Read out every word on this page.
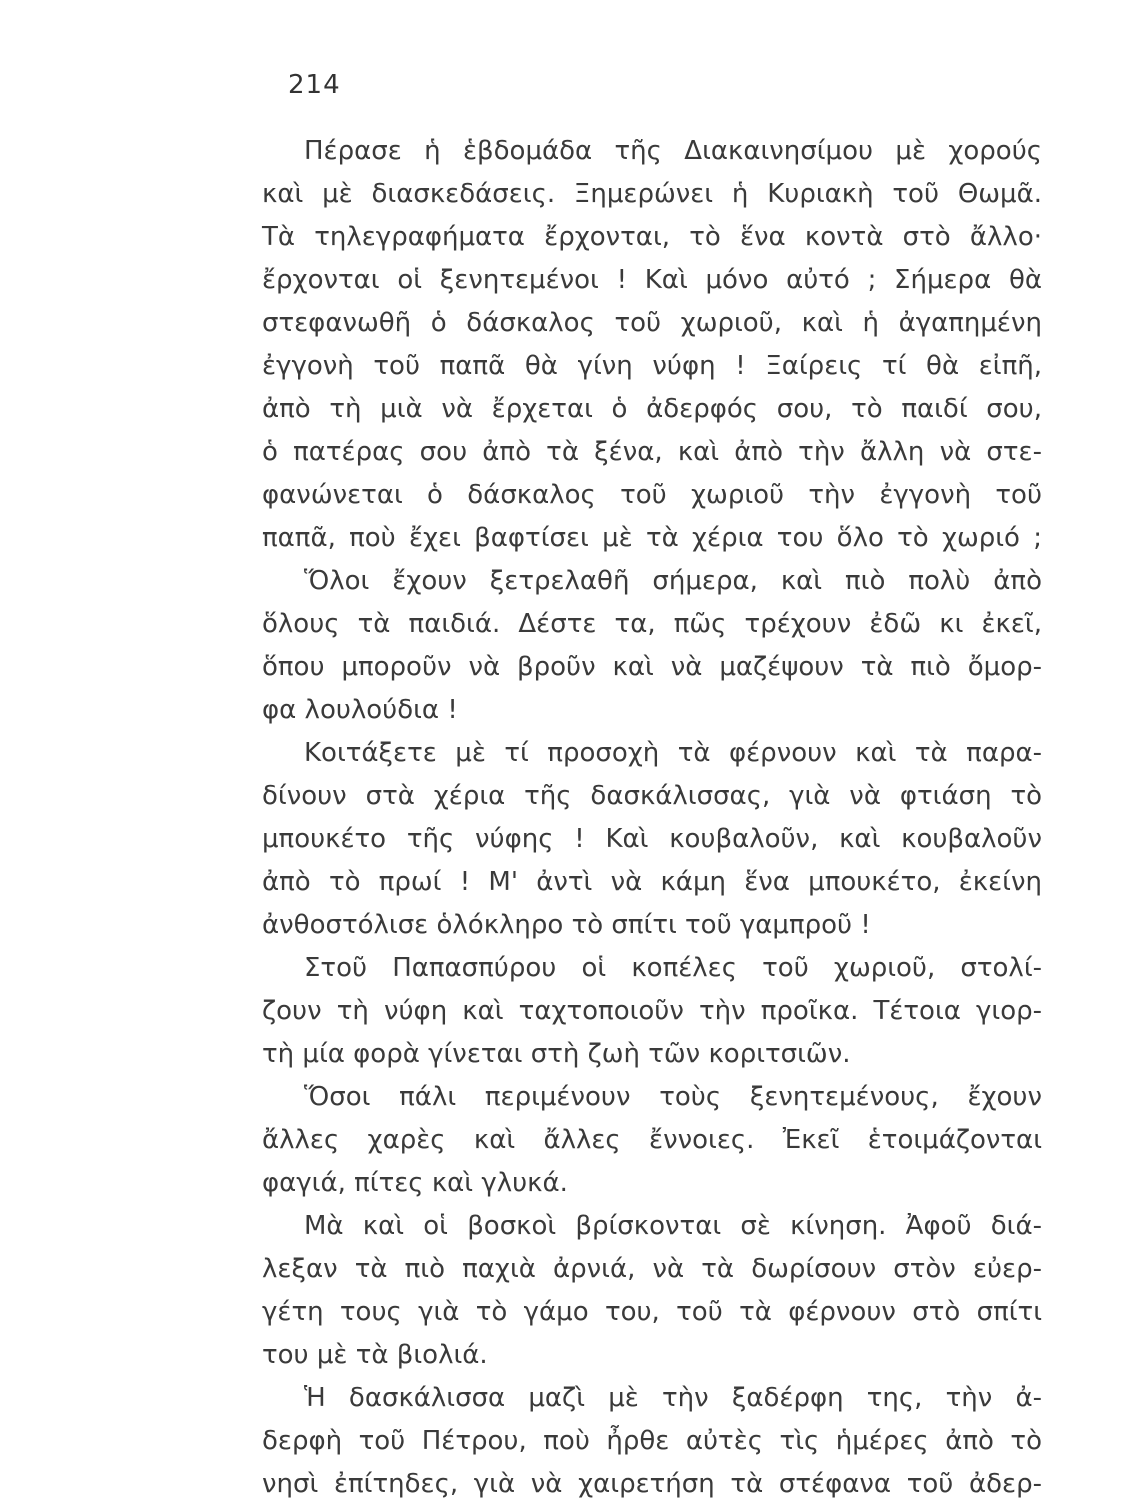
214
Πέρασε ἡ ἑβδομάδα τῆς Διακαινησίμου μὲ χορούς
καὶ μὲ διασκεδάσεις. Ξημερώνει ἡ Κυριακὴ τοῦ Θωμᾶ.
Τὰ τηλεγραφήματα ἔρχονται, τὸ ἕνα κοντὰ στὸ ἄλλο·
ἔρχονται οἱ ξενητεμένοι ! Καὶ μόνο αὐτό ; Σήμερα θὰ
στεφανωθῆ ὁ δάσκαλος τοῦ χωριοῦ, καὶ ἡ ἀγαπημένη
ἐγγονὴ τοῦ παπᾶ θὰ γίνη νύφη ! Ξαίρεις τί θὰ εἰπῆ,
ἀπὸ τὴ μιὰ νὰ ἔρχεται ὁ ἀδερφός σου, τὸ παιδί σου,
ὁ πατέρας σου ἀπὸ τὰ ξένα, καὶ ἀπὸ τὴν ἄλλη νὰ στε-
φανώνεται ὁ δάσκαλος τοῦ χωριοῦ τὴν ἐγγονὴ τοῦ
παπᾶ, ποὺ ἔχει βαφτίσει μὲ τὰ χέρια του ὅλο τὸ χωριό ;
Ὅλοι ἔχουν ξετρελαθῆ σήμερα, καὶ πιὸ πολὺ ἀπὸ
ὅλους τὰ παιδιά. Δέστε τα, πῶς τρέχουν ἐδῶ κι ἐκεῖ,
ὅπου μποροῦν νὰ βροῦν καὶ νὰ μαζέψουν τὰ πιὸ ὄμορ-
φα λουλούδια !
Κοιτάξετε μὲ τί προσοχὴ τὰ φέρνουν καὶ τὰ παρα-
δίνουν στὰ χέρια τῆς δασκάλισσας, γιὰ νὰ φτιάση τὸ
μπουκέτο τῆς νύφης ! Καὶ κουβαλοῦν, καὶ κουβαλοῦν
ἀπὸ τὸ πρωί ! Μ' ἀντὶ νὰ κάμη ἕνα μπουκέτο, ἐκείνη
ἀνθοστόλισε ὁλόκληρο τὸ σπίτι τοῦ γαμπροῦ !
Στοῦ Παπασπύρου οἱ κοπέλες τοῦ χωριοῦ, στολί-
ζουν τὴ νύφη καὶ ταχτοποιοῦν τὴν προῖκα. Τέτοια γιορ-
τὴ μία φορὰ γίνεται στὴ ζωὴ τῶν κοριτσιῶν.
Ὅσοι πάλι περιμένουν τοὺς ξενητεμένους, ἔχουν
ἄλλες χαρὲς καὶ ἄλλες ἔννοιες. Ἐκεῖ ἑτοιμάζονται
φαγιά, πίτες καὶ γλυκά.
Μὰ καὶ οἱ βοσκοὶ βρίσκονται σὲ κίνηση. Ἀφοῦ διά-
λεξαν τὰ πιὸ παχιὰ ἀρνιά, νὰ τὰ δωρίσουν στὸν εὐερ-
γέτη τους γιὰ τὸ γάμο του, τοῦ τὰ φέρνουν στὸ σπίτι
του μὲ τὰ βιολιά.
Ἡ δασκάλισσα μαζὶ μὲ τὴν ξαδέρφη της, τὴν ἀ-
δερφὴ τοῦ Πέτρου, ποὺ ἦρθε αὐτὲς τὶς ἡμέρες ἀπὸ τὸ
νησὶ ἐπίτηδες, γιὰ νὰ χαιρετήση τὰ στέφανα τοῦ ἀδερ-
